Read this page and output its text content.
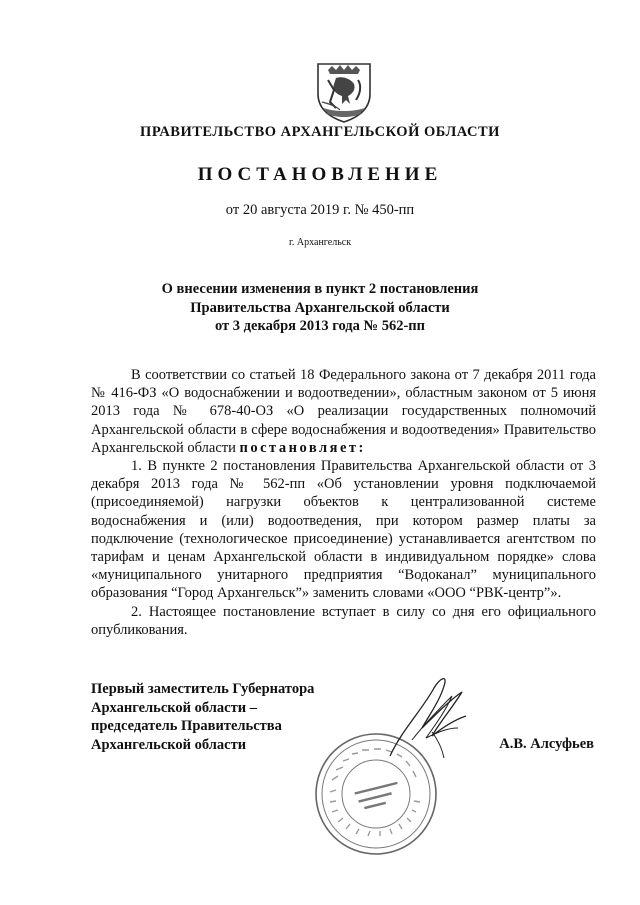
ПРАВИТЕЛЬСТВО АРХАНГЕЛЬСКОЙ ОБЛАСТИ
ПОСТАНОВЛЕНИЕ
от 20 августа 2019 г. № 450-пп
г. Архангельск
О внесении изменения в пункт 2 постановления
Правительства Архангельской области
от 3 декабря 2013 года № 562-пп

В соответствии со статьей 18 Федерального закона от 7 декабря 2011 года № 416-ФЗ «О водоснабжении и водоотведении», областным законом от 5 июня 2013 года № 678-40-ОЗ «О реализации государственных полномочий Архангельской области в сфере водоснабжения и водоотведения» Правительство Архангельской области постановляет:

1. В пункте 2 постановления Правительства Архангельской области от 3 декабря 2013 года № 562-пп «Об установлении уровня подключаемой (присоединяемой) нагрузки объектов к централизованной системе водоснабжения и (или) водоотведения, при котором размер платы за подключение (технологическое присоединение) устанавливается агентством по тарифам и ценам Архангельской области в индивидуальном порядке» слова «муниципального унитарного предприятия “Водоканал” муниципального образования “Город Архангельск”» заменить словами «ООО “РВК-центр”».

2. Настоящее постановление вступает в силу со дня его официального опубликования.

Первый заместитель Губернатора
Архангельской области –
председатель Правительства
Архангельской области	А.В. Алсуфьев
